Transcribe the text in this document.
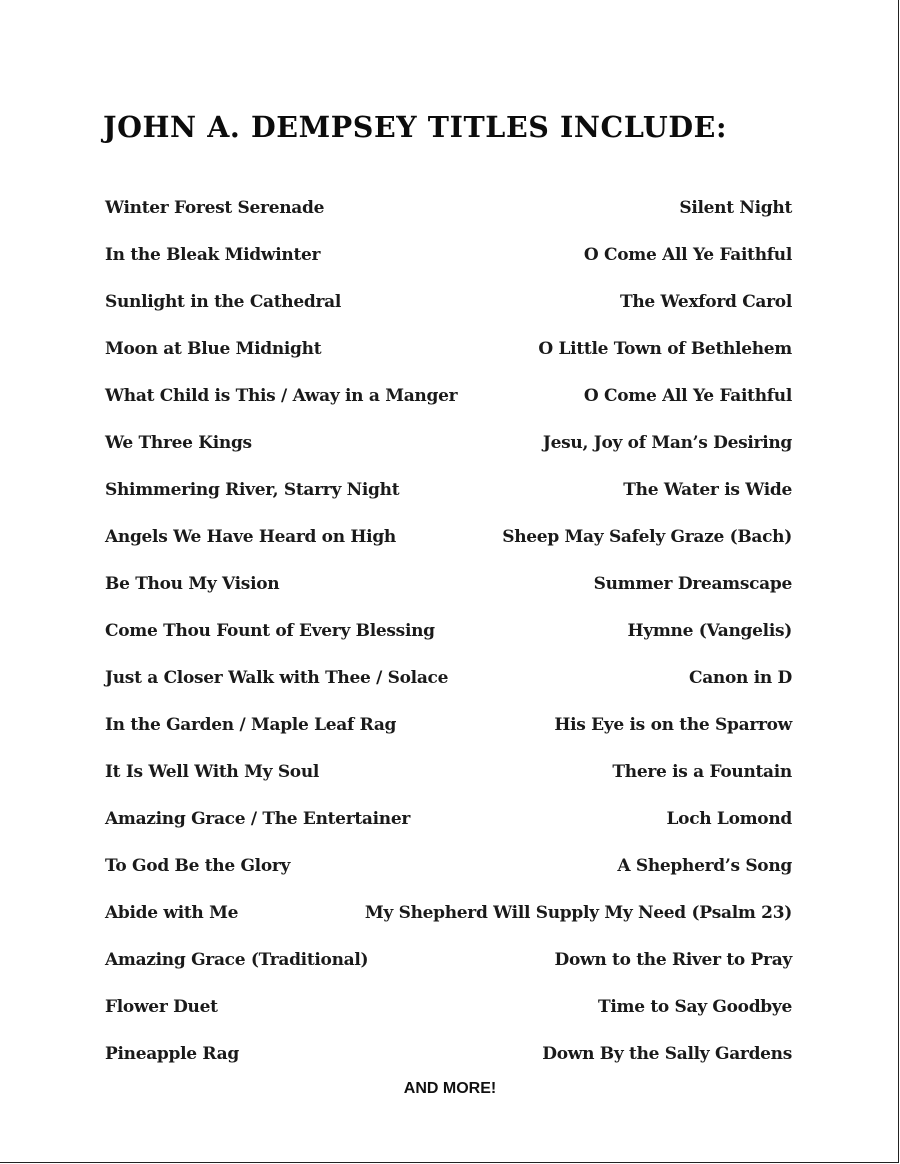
JOHN A. DEMPSEY TITLES INCLUDE:
Winter Forest Serenade	Silent Night
In the Bleak Midwinter	O Come All Ye Faithful
Sunlight in the Cathedral	The Wexford Carol
Moon at Blue Midnight	O Little Town of Bethlehem
What Child is This / Away in a Manger	O Come All Ye Faithful
We Three Kings	Jesu, Joy of Man’s Desiring
Shimmering River, Starry Night	The Water is Wide
Angels We Have Heard on High	Sheep May Safely Graze (Bach)
Be Thou My Vision	Summer Dreamscape
Come Thou Fount of Every Blessing	Hymne (Vangelis)
Just a Closer Walk with Thee / Solace	Canon in D
In the Garden / Maple Leaf Rag	His Eye is on the Sparrow
It Is Well With My Soul	There is a Fountain
Amazing Grace / The Entertainer	Loch Lomond
To God Be the Glory	A Shepherd’s Song
Abide with Me	My Shepherd Will Supply My Need (Psalm 23)
Amazing Grace (Traditional)	Down to the River to Pray
Flower Duet	Time to Say Goodbye
Pineapple Rag	Down By the Sally Gardens
AND MORE!
